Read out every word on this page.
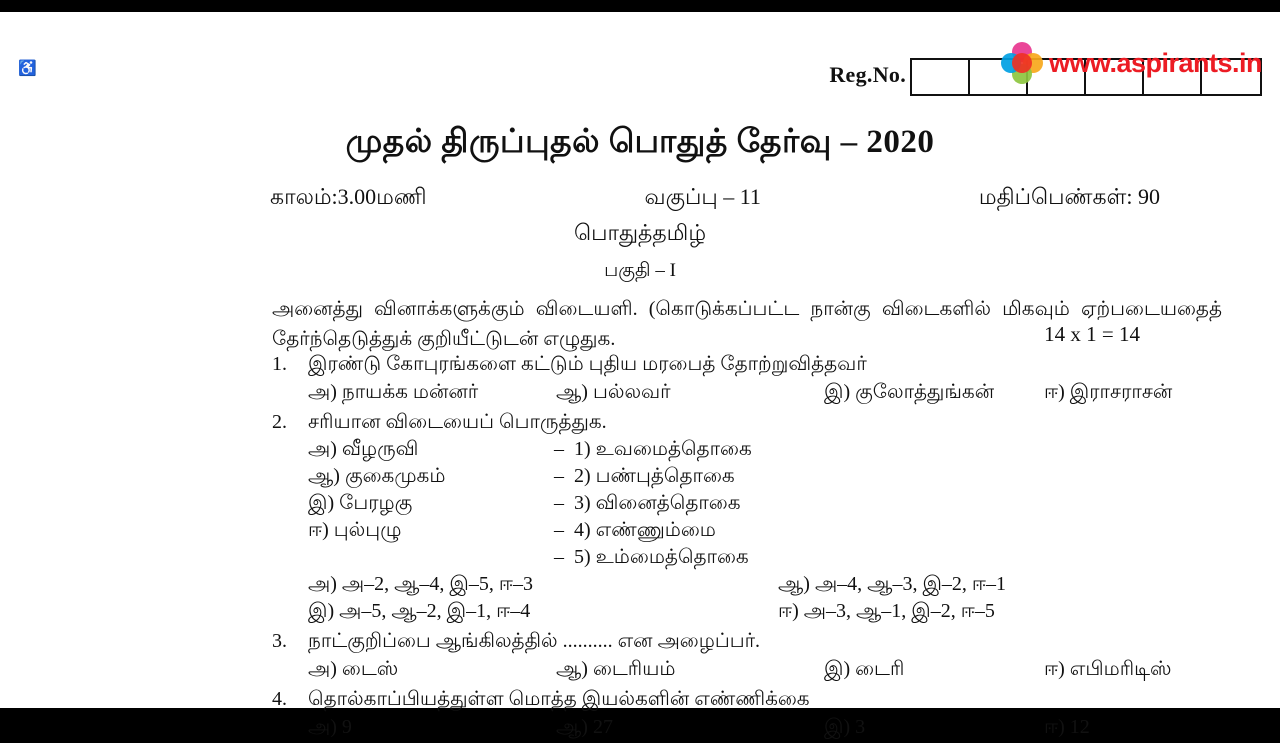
♿	Reg.No.	www.aspirants.in
முதல் திருப்புதல் பொதுத் தேர்வு – 2020
காலம்:3.00மணி	வகுப்பு – 11	மதிப்பெண்கள்: 90
பொதுத்தமிழ்
பகுதி – I
அனைத்து வினாக்களுக்கும் விடையளி. (கொடுக்கப்பட்ட நான்கு விடைகளில் மிகவும் ஏற்படையதைத் தேர்ந்தெடுத்துக் குறியீட்டுடன் எழுதுக.	14 x 1 = 14
1.	இரண்டு கோபுரங்களை கட்டும் புதிய மரபைத் தோற்றுவித்தவர்
அ) நாயக்க மன்னர்	ஆ) பல்லவர்	இ) குலோத்துங்கன்	ஈ) இராசராசன்
2.	சரியான விடையைப் பொருத்துக.
அ) வீழருவி	– 1) உவமைத்தொகை
ஆ) குகைமுகம்	– 2) பண்புத்தொகை
இ) பேரழகு	– 3) வினைத்தொகை
ஈ) புல்புழு	– 4) எண்ணும்மை
– 5) உம்மைத்தொகை
அ) அ–2, ஆ–4, இ–5, ஈ–3	ஆ) அ–4, ஆ–3, இ–2, ஈ–1
இ) அ–5, ஆ–2, இ–1, ஈ–4	ஈ) அ–3, ஆ–1, இ–2, ஈ–5
3.	நாட்குறிப்பை ஆங்கிலத்தில் .......... என அழைப்பர்.
அ) டைஸ்	ஆ) டைரியம்	இ) டைரி	ஈ) எபிமரிடிஸ்
4.	தொல்காப்பியத்துள்ள மொத்த இயல்களின் எண்ணிக்கை
அ) 9	ஆ) 27	இ) 3	ஈ) 12
